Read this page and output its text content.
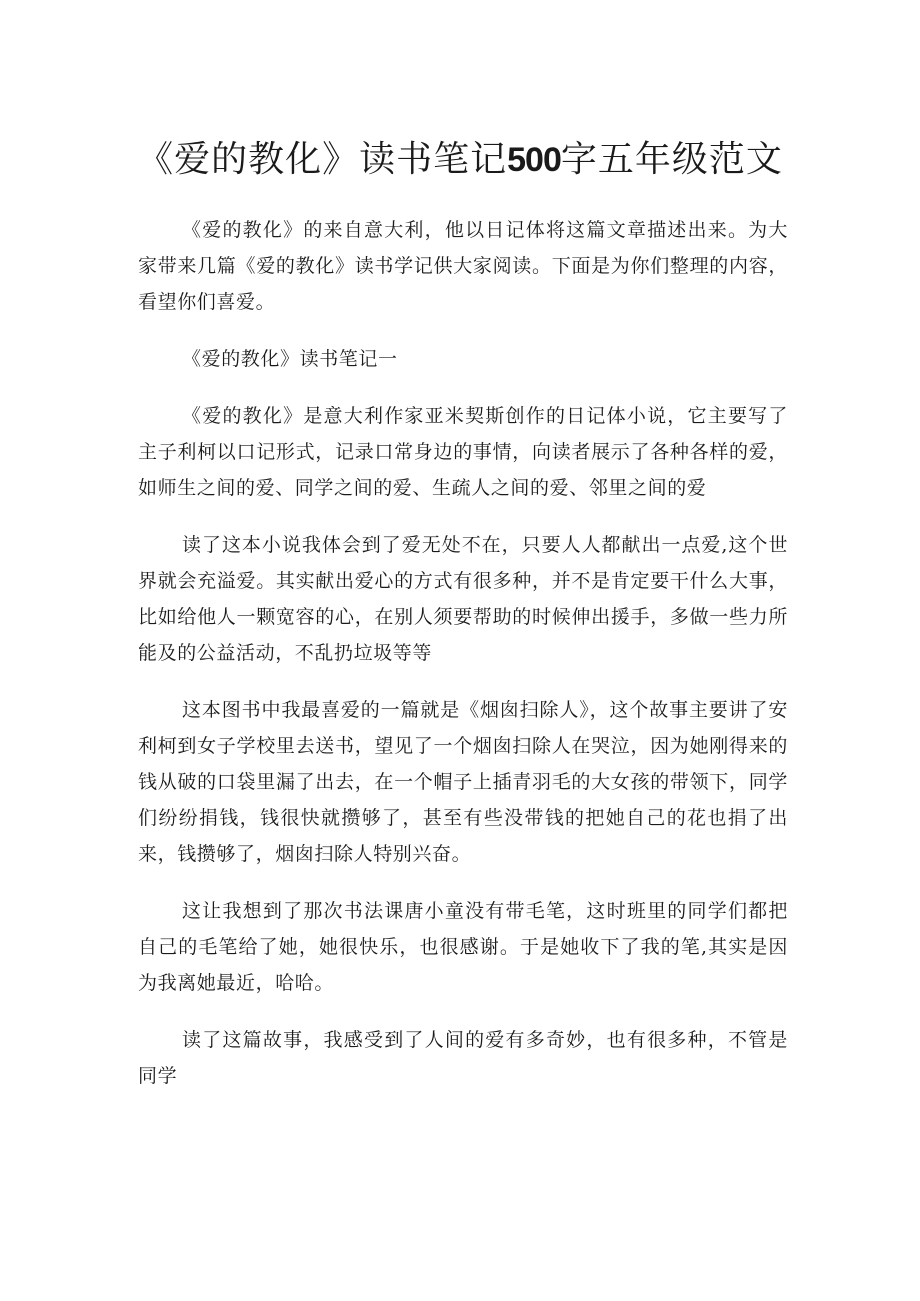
《爱的教化》读书笔记500字五年级范文

《爱的教化》的来自意大利，他以日记体将这篇文章描述出来。为大家带来几篇《爱的教化》读书学记供大家阅读。下面是为你们整理的内容，看望你们喜爱。

《爱的教化》读书笔记一

《爱的教化》是意大利作家亚米契斯创作的日记体小说，它主要写了主子利柯以口记形式，记录口常身边的事情，向读者展示了各种各样的爱，如师生之间的爱、同学之间的爱、生疏人之间的爱、邻里之间的爱

读了这本小说我体会到了爱无处不在，只要人人都献出一点爱,这个世界就会充溢爱。其实献出爱心的方式有很多种，并不是肯定要干什么大事，比如给他人一颗宽容的心，在别人须要帮助的时候伸出援手，多做一些力所能及的公益活动，不乱扔垃圾等等

这本图书中我最喜爱的一篇就是《烟囱扫除人》，这个故事主要讲了安利柯到女子学校里去送书，望见了一个烟囱扫除人在哭泣，因为她刚得来的钱从破的口袋里漏了出去，在一个帽子上插青羽毛的大女孩的带领下，同学们纷纷捐钱，钱很快就攒够了，甚至有些没带钱的把她自己的花也捐了出来，钱攒够了，烟囱扫除人特别兴奋。

这让我想到了那次书法课唐小童没有带毛笔，这时班里的同学们都把自己的毛笔给了她，她很快乐，也很感谢。于是她收下了我的笔,其实是因为我离她最近，哈哈。

读了这篇故事，我感受到了人间的爱有多奇妙，也有很多种，不管是同学
